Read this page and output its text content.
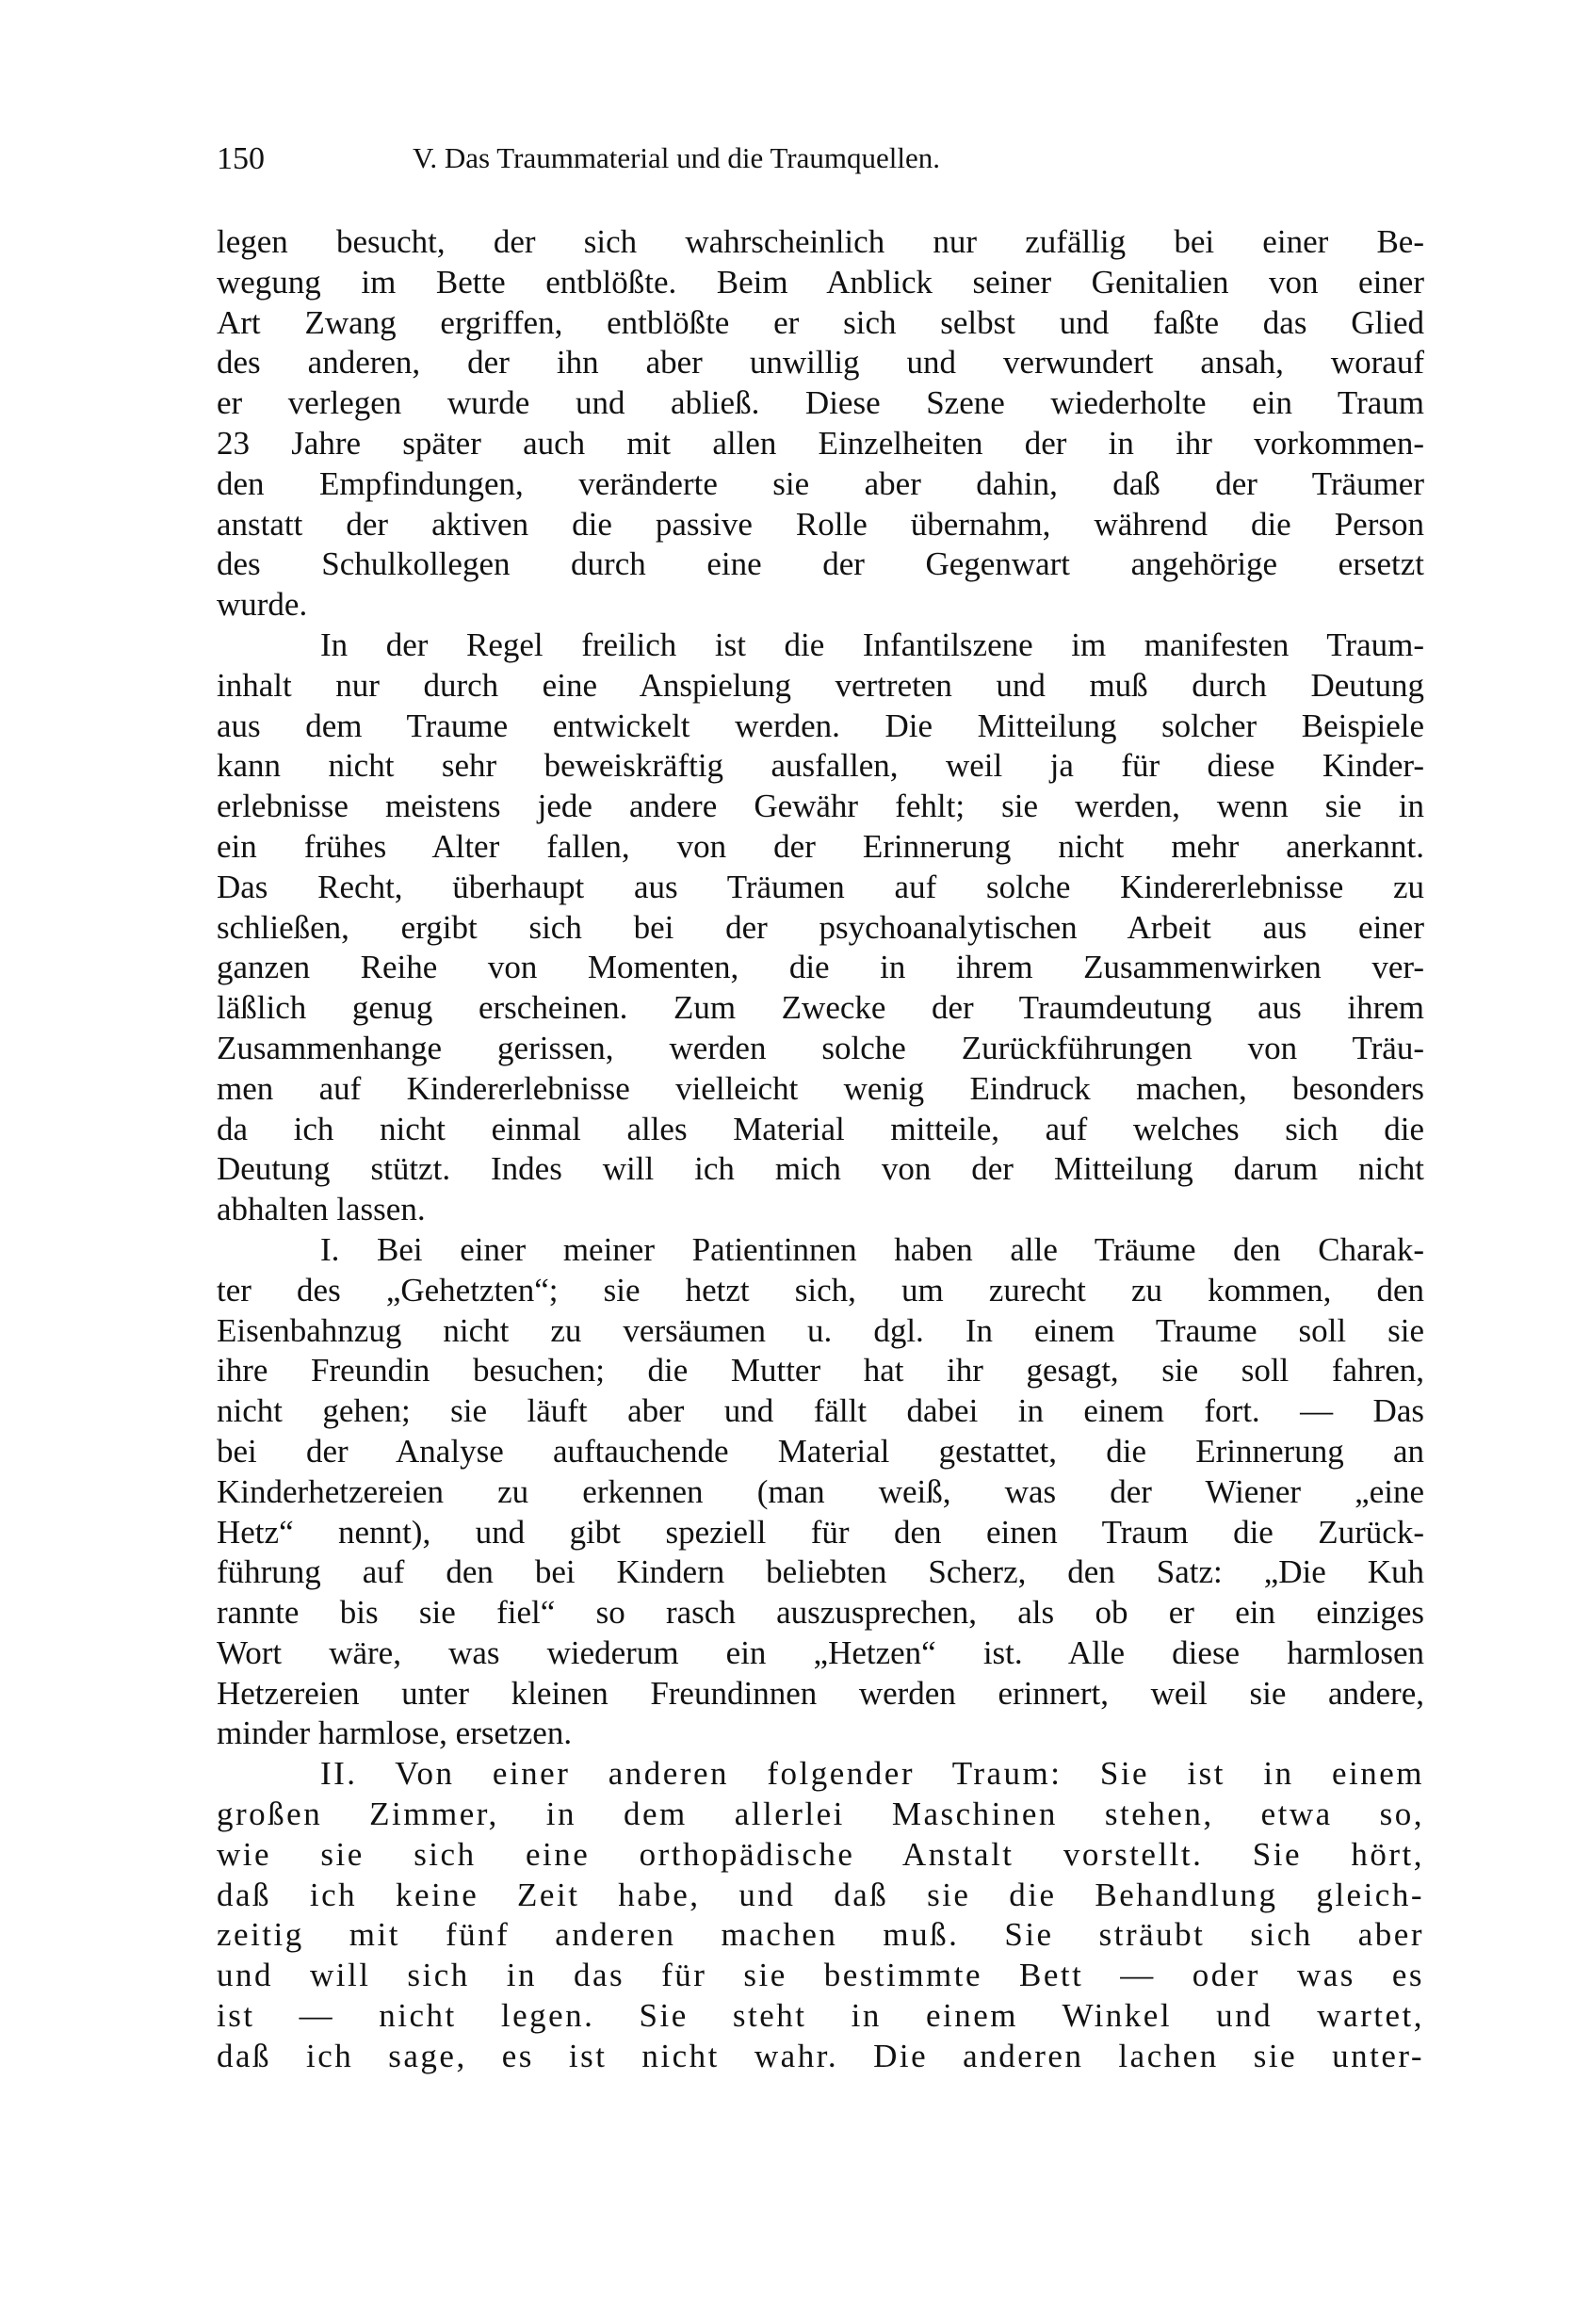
150	V. Das Traummaterial und die Traumquellen.
legen besucht, der sich wahrscheinlich nur zufällig bei einer Be-
wegung im Bette entblößte. Beim Anblick seiner Genitalien von einer
Art Zwang ergriffen, entblößte er sich selbst und faßte das Glied
des anderen, der ihn aber unwillig und verwundert ansah, worauf
er verlegen wurde und abließ. Diese Szene wiederholte ein Traum
23 Jahre später auch mit allen Einzelheiten der in ihr vorkommen-
den Empfindungen, veränderte sie aber dahin, daß der Träumer
anstatt der aktiven die passive Rolle übernahm, während die Person
des Schulkollegen durch eine der Gegenwart angehörige ersetzt
wurde.
In der Regel freilich ist die Infantilszene im manifesten Traum-
inhalt nur durch eine Anspielung vertreten und muß durch Deutung
aus dem Traume entwickelt werden. Die Mitteilung solcher Beispiele
kann nicht sehr beweiskräftig ausfallen, weil ja für diese Kinder-
erlebnisse meistens jede andere Gewähr fehlt; sie werden, wenn sie in
ein frühes Alter fallen, von der Erinnerung nicht mehr anerkannt.
Das Recht, überhaupt aus Träumen auf solche Kindererlebnisse zu
schließen, ergibt sich bei der psychoanalytischen Arbeit aus einer
ganzen Reihe von Momenten, die in ihrem Zusammenwirken ver-
läßlich genug erscheinen. Zum Zwecke der Traumdeutung aus ihrem
Zusammenhange gerissen, werden solche Zurückführungen von Träu-
men auf Kindererlebnisse vielleicht wenig Eindruck machen, besonders
da ich nicht einmal alles Material mitteile, auf welches sich die
Deutung stützt. Indes will ich mich von der Mitteilung darum nicht
abhalten lassen.
I. Bei einer meiner Patientinnen haben alle Träume den Charak-
ter des „Gehetzten“; sie hetzt sich, um zurecht zu kommen, den
Eisenbahnzug nicht zu versäumen u. dgl. In einem Traume soll sie
ihre Freundin besuchen; die Mutter hat ihr gesagt, sie soll fahren,
nicht gehen; sie läuft aber und fällt dabei in einem fort. — Das
bei der Analyse auftauchende Material gestattet, die Erinnerung an
Kinderhetzereien zu erkennen (man weiß, was der Wiener „eine
Hetz“ nennt), und gibt speziell für den einen Traum die Zurück-
führung auf den bei Kindern beliebten Scherz, den Satz: „Die Kuh
rannte bis sie fiel“ so rasch auszusprechen, als ob er ein einziges
Wort wäre, was wiederum ein „Hetzen“ ist. Alle diese harmlosen
Hetzereien unter kleinen Freundinnen werden erinnert, weil sie andere,
minder harmlose, ersetzen.
II. Von einer anderen folgender Traum: Sie ist in einem
großen Zimmer, in dem allerlei Maschinen stehen, etwa so,
wie sie sich eine orthopädische Anstalt vorstellt. Sie hört,
daß ich keine Zeit habe, und daß sie die Behandlung gleich-
zeitig mit fünf anderen machen muß. Sie sträubt sich aber
und will sich in das für sie bestimmte Bett — oder was es
ist — nicht legen. Sie steht in einem Winkel und wartet,
daß ich sage, es ist nicht wahr. Die anderen lachen sie unter-
